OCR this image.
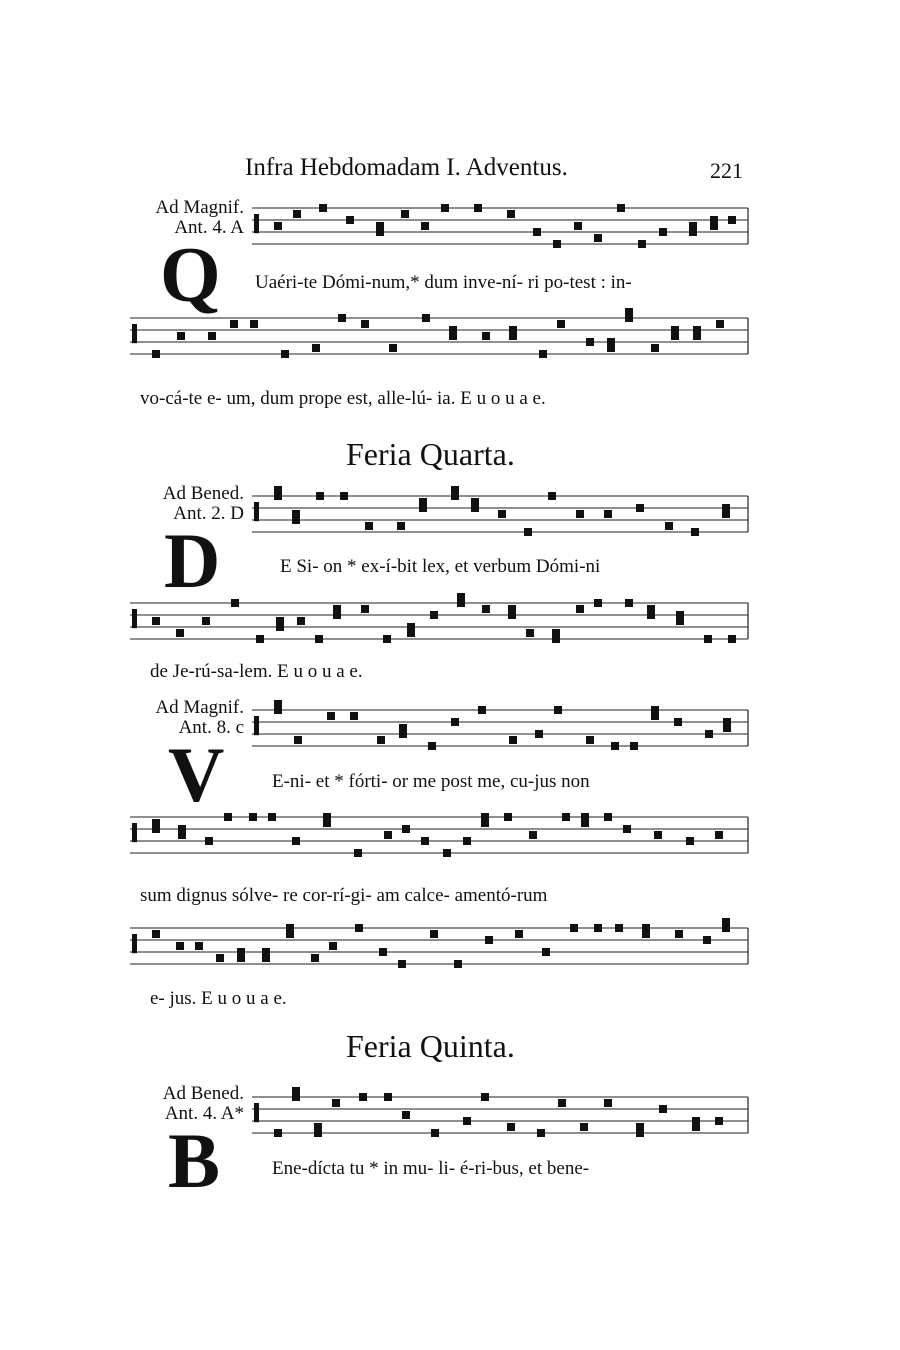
Infra Hebdomadam I. Adventus.	221
Ad Magnif.
Ant. 4. A
Q Uaéri-te Dómi-num,* dum inve-ní- ri po-test : in-
vo-cá-te e- um, dum prope est, alle-lú- ia. E u o u a e.
Feria Quarta.
Ad Bened.
Ant. 2. D
D	E Si- on * ex-í-bit lex, et verbum Dómi-ni
de Je-rú-sa-lem. E u o u a e.
Ad Magnif.
Ant. 8. c
V	E-ni- et * fórti- or me post me, cu-jus non
sum dignus sólve- re cor-rí-gi- am calce- amentó-rum
e- jus. E u o u a e.
Feria Quinta.
Ad Bened.
Ant. 4. A*
B	Ene-dícta tu * in mu- li- é-ri-bus, et bene-
